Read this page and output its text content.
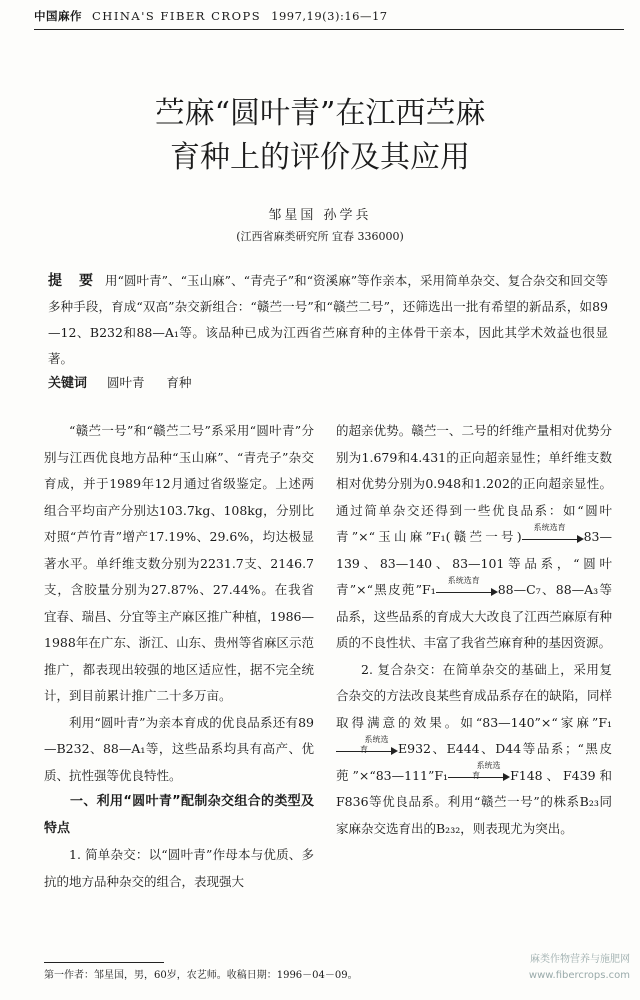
中国麻作 CHINA'S FIBER CROPS 1997,19(3):16—17
苎麻“圆叶青”在江西苎麻
育种上的评价及其应用
邹星国 孙学兵
(江西省麻类研究所 宜春 336000)
提 要 用“圆叶青”、“玉山麻”、“青壳子”和“资溪麻”等作亲本，采用简单杂交、复合杂交和回交等多种手段，育成“双高”杂交新组合：“赣苎一号”和“赣苎二号”，还筛选出一批有希望的新品系，如89—12、B232和88—A₁等。该品种已成为江西省苎麻育种的主体骨干亲本，因此其学术效益也很显著。
关键词 圆叶青 育种

“赣苎一号”和“赣苎二号”系采用“圆叶青”分别与江西优良地方品种“玉山麻”、“青壳子”杂交育成，并于1989年12月通过省级鉴定。上述两组合平均亩产分别达103.7kg、108kg，分别比对照“芦竹青”增产17.19%、29.6%，均达极显著水平。单纤维支数分别为2231.7支、2146.7支，含胶量分别为27.87%、27.44%。在我省宜春、瑞昌、分宜等主产麻区推广种植，1986—1988年在广东、浙江、山东、贵州等省麻区示范推广，都表现出较强的地区适应性，据不完全统计，到目前累计推广二十多万亩。

利用“圆叶青”为亲本育成的优良品系还有89—B232、88—A₁等，这些品系均具有高产、优质、抗性强等优良特性。

一、利用“圆叶青”配制杂交组合的类型及特点

1. 简单杂交：以“圆叶青”作母本与优质、多抗的地方品种杂交的组合，表现强大

的超亲优势。赣苎一、二号的纤维产量相对优势分别为1.679和4.431的正向超亲显性；单纤维支数相对优势分别为0.948和1.202的正向超亲显性。通过简单杂交还得到一些优良品系：如“圆叶青”×“玉山麻”F₁(赣苎一号)
系统选育
83—139、83—140、83—101等品系，“圆叶青”×“黑皮蔸”F₁
系统选育
88—C₇、88—A₃等品系，这些品系的育成大大改良了江西苎麻原有种质的不良性状、丰富了我省苎麻育种的基因资源。

2. 复合杂交：在简单杂交的基础上，采用复合杂交的方法改良某些育成品系存在的缺陷，同样取得满意的效果。如“83—140”×“家麻”F₁
系统选育	E932、E444、D44等品系；“黑皮蔸”×“83—111”F₁
系统选育	F148、F439和F836等优良品系。利用“赣苎一号”的株系B₂₃同家麻杂交选育出的B₂₃₂，则表现尤为突出。

第一作者：邹星国，男，60岁，农艺师。收稿日期：1996－04－09。
麻类作物营养与施肥网
www.fibercrops.com
